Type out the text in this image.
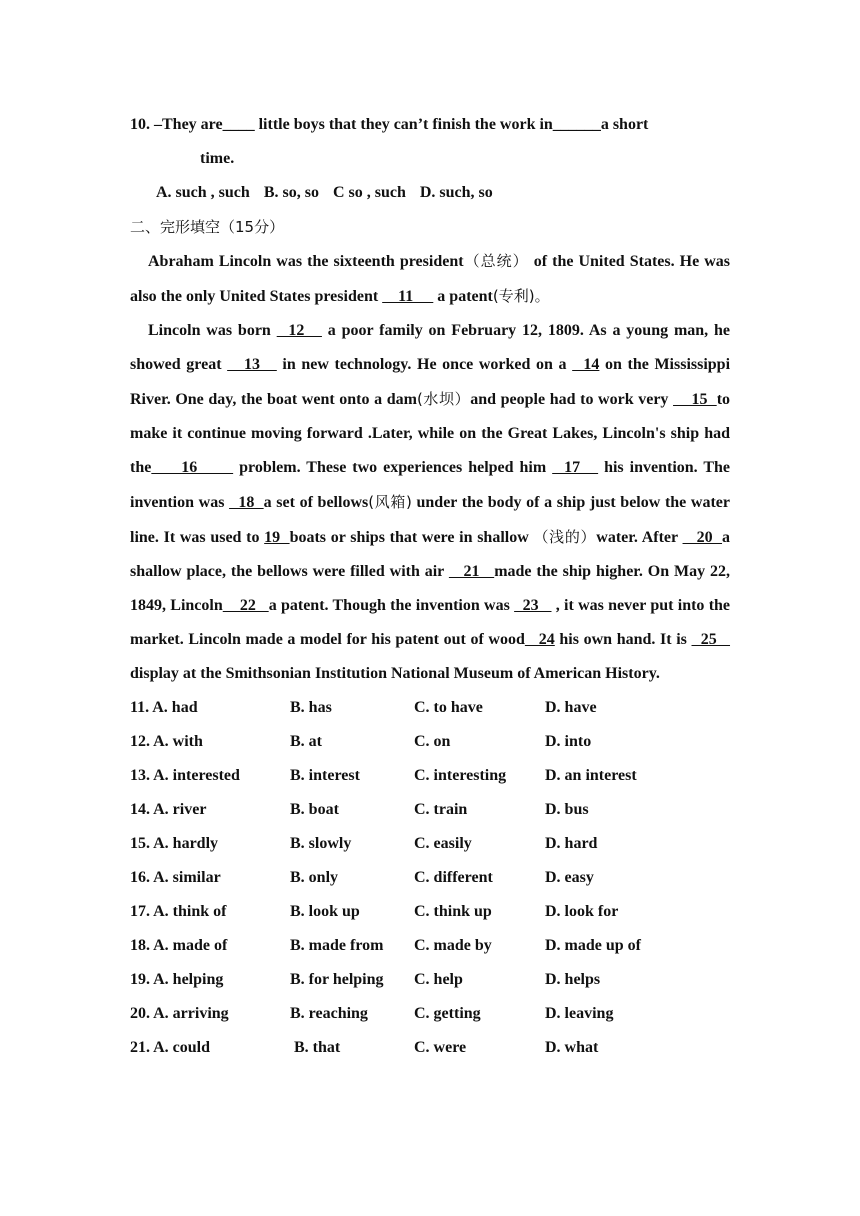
10. –They are____ little boys that they can’t finish the work in______a short
time.
A. such , such B. so, so C so , such D. such, so
二、完形填空（15分）
Abraham Lincoln was the sixteenth president（总统） of the United States. He was also the only United States president     11      a patent(专利)。
Lincoln was born   12    a poor family on February 12, 1809. As a young man, he showed great    13    in new technology. He once worked on a   14 on the Mississippi River. One day, the boat went onto a dam(水坝）and people had to work very     15  to make it continue moving forward .Later, while on the Great Lakes, Lincoln's ship had the     16       problem. These two experiences helped him   17    his invention. The invention was   18  a set of bellows(风箱) under the body of a ship just below the water line. It was used to 19  boats or ships that were in shallow （浅的）water. After    20  a shallow place, the bellows were filled with air    21   made the ship higher. On May 22, 1849, Lincoln    22   a patent. Though the invention was   23    , it was never put into the market. Lincoln made a model for his patent out of wood   24 his own hand. It is   25    display at the Smithsonian Institution National Museum of American History.
11. A. had	B. has	C. to have	D. have
12. A. with	B. at	C. on	D. into
13. A. interested	B. interest	C. interesting	D. an interest
14. A. river	B. boat	C. train	D. bus
15. A. hardly	B. slowly	C. easily	D. hard
16. A. similar	B. only	C. different	D. easy
17. A. think of	B. look up	C. think up	D. look for
18. A. made of	B. made from	C. made by	D. made up of
19. A. helping	B. for helping	C. help	D. helps
20. A. arriving	B. reaching	C. getting	D. leaving
21. A. could	B. that	C. were	D. what
